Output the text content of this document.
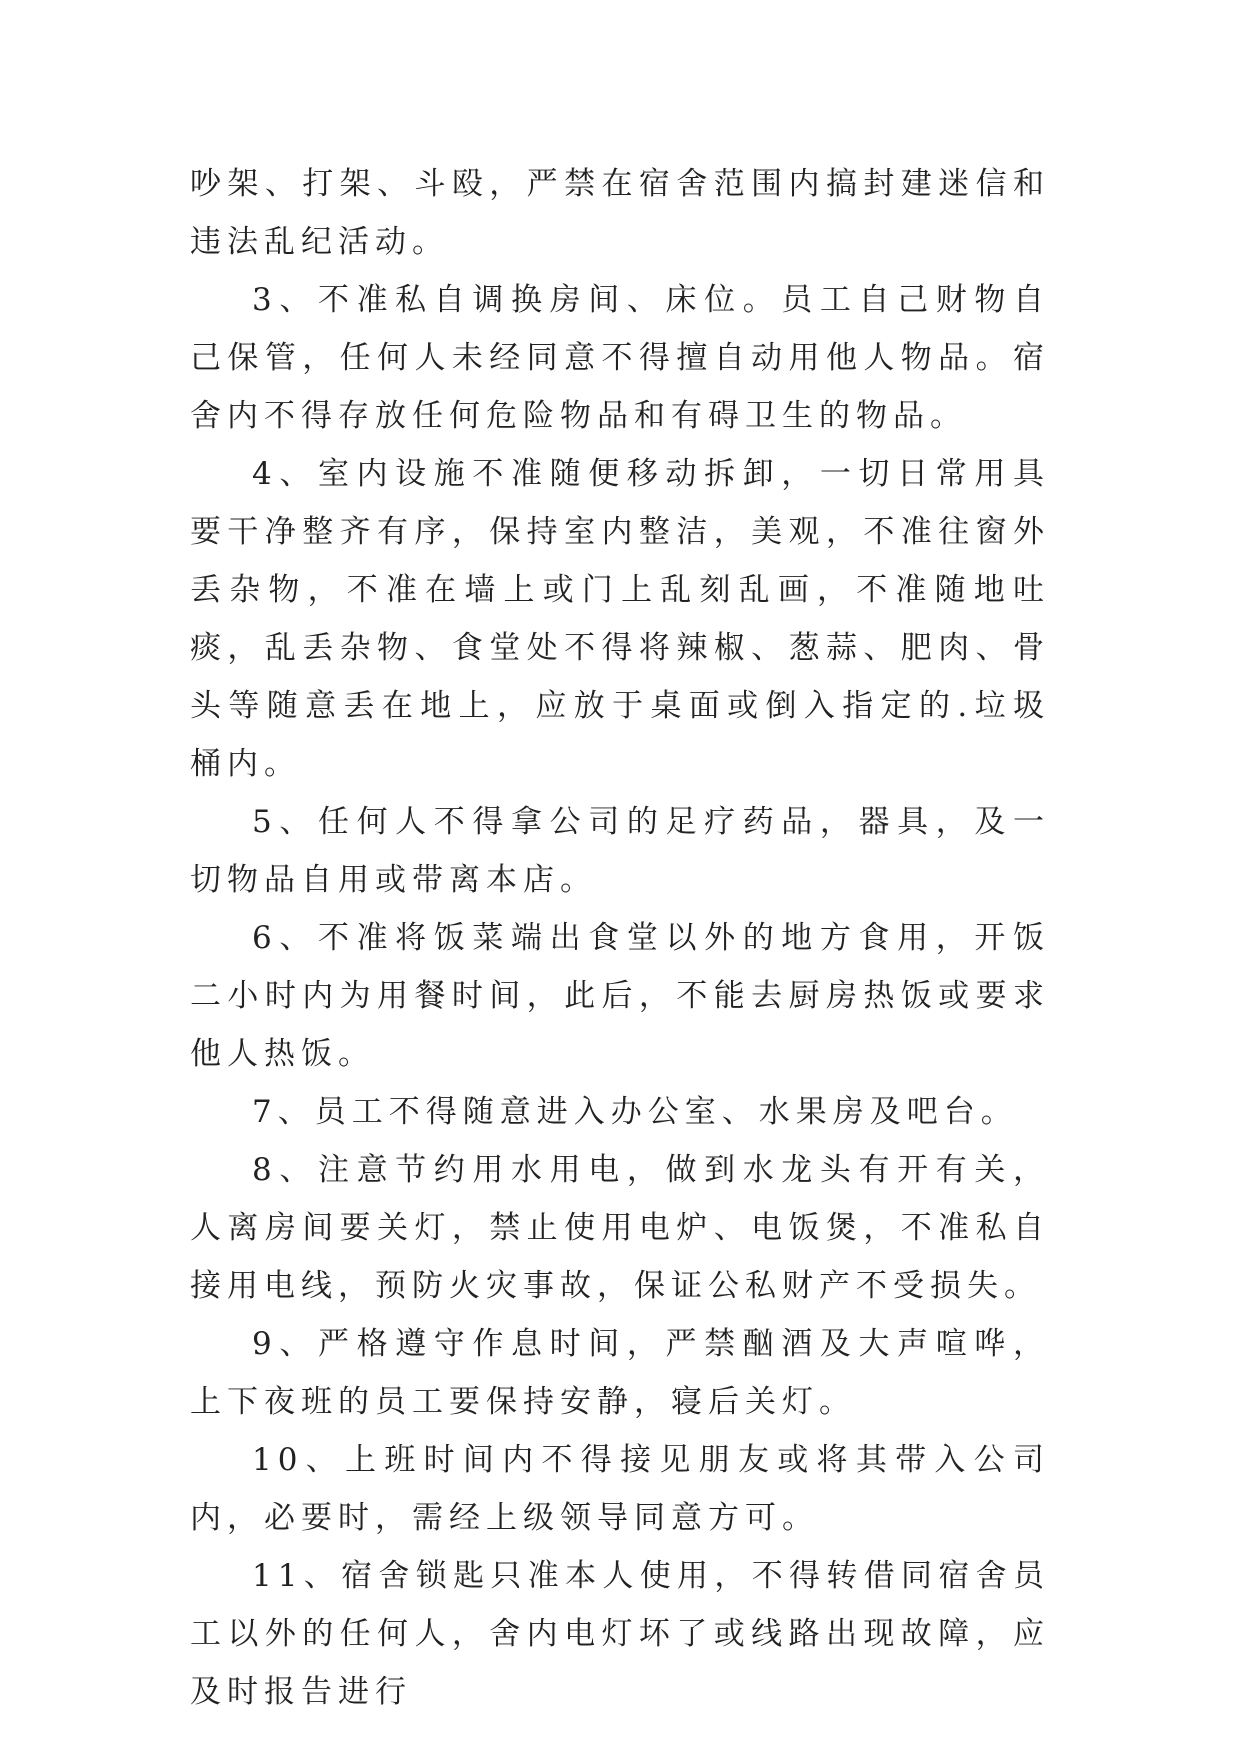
吵架、打架、斗殴，严禁在宿舍范围内搞封建迷信和违法乱纪活动。

3、不准私自调换房间、床位。员工自己财物自己保管，任何人未经同意不得擅自动用他人物品。宿舍内不得存放任何危险物品和有碍卫生的物品。

4、室内设施不准随便移动拆卸，一切日常用具要干净整齐有序，保持室内整洁，美观，不准往窗外丢杂物，不准在墙上或门上乱刻乱画，不准随地吐痰，乱丢杂物、食堂处不得将辣椒、葱蒜、肥肉、骨头等随意丢在地上，应放于桌面或倒入指定的.垃圾桶内。

5、任何人不得拿公司的足疗药品，器具，及一切物品自用或带离本店。

6、不准将饭菜端出食堂以外的地方食用，开饭二小时内为用餐时间，此后，不能去厨房热饭或要求他人热饭。

7、员工不得随意进入办公室、水果房及吧台。

8、注意节约用水用电，做到水龙头有开有关，人离房间要关灯，禁止使用电炉、电饭煲，不准私自接用电线，预防火灾事故，保证公私财产不受损失。

9、严格遵守作息时间，严禁酗酒及大声喧哗，上下夜班的员工要保持安静，寝后关灯。

10、上班时间内不得接见朋友或将其带入公司内，必要时，需经上级领导同意方可。

11、宿舍锁匙只准本人使用，不得转借同宿舍员工以外的任何人，舍内电灯坏了或线路出现故障，应及时报告进行
